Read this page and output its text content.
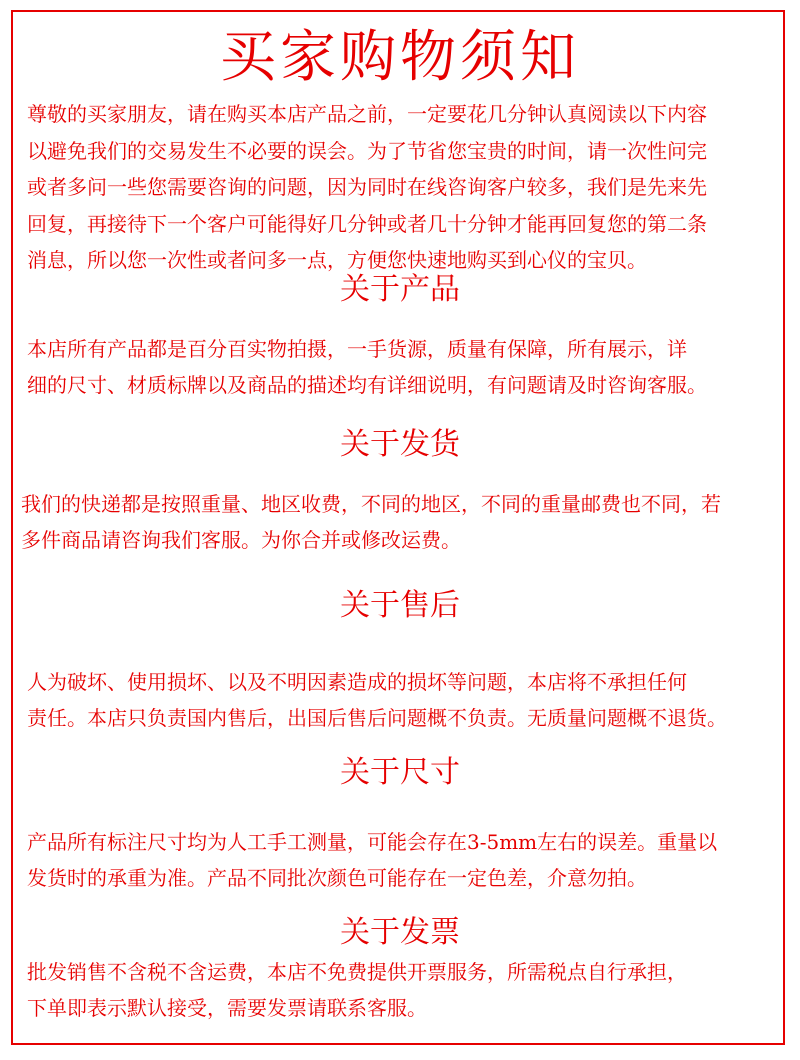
买家购物须知

尊敬的买家朋友，请在购买本店产品之前，一定要花几分钟认真阅读以下内容
以避免我们的交易发生不必要的误会。为了节省您宝贵的时间，请一次性问完
或者多问一些您需要咨询的问题，因为同时在线咨询客户较多，我们是先来先
回复，再接待下一个客户可能得好几分钟或者几十分钟才能再回复您的第二条
消息，所以您一次性或者问多一点，方便您快速地购买到心仪的宝贝。

关于产品

本店所有产品都是百分百实物拍摄，一手货源，质量有保障，所有展示，详
细的尺寸、材质标牌以及商品的描述均有详细说明，有问题请及时咨询客服。

关于发货

我们的快递都是按照重量、地区收费，不同的地区，不同的重量邮费也不同，若
多件商品请咨询我们客服。为你合并或修改运费。

关于售后

人为破坏、使用损坏、以及不明因素造成的损坏等问题，本店将不承担任何
责任。本店只负责国内售后，出国后售后问题概不负责。无质量问题概不退货。

关于尺寸

产品所有标注尺寸均为人工手工测量，可能会存在3-5mm左右的误差。重量以
发货时的承重为准。产品不同批次颜色可能存在一定色差，介意勿拍。

关于发票

批发销售不含税不含运费，本店不免费提供开票服务，所需税点自行承担，
下单即表示默认接受，需要发票请联系客服。
